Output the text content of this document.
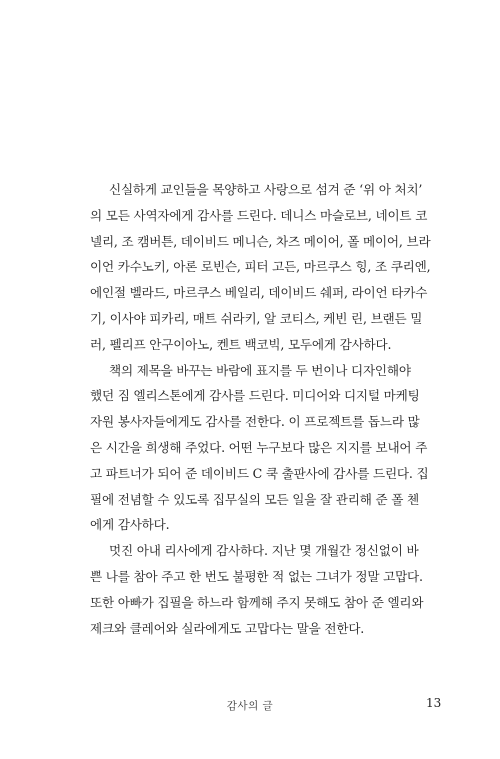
신실하게 교인들을 목양하고 사랑으로 섬겨 준 ‘위 아 처치’
의 모든 사역자에게 감사를 드린다. 데니스 마슬로브, 네이트 코
넬리, 조 캠버튼, 데이비드 메니슨, 차즈 메이어, 폴 메이어, 브라
이언 카수노키, 아론 로빈슨, 피터 고든, 마르쿠스 힝, 조 쿠리엔,
에인절 벨라드, 마르쿠스 베일리, 데이비드 쉐퍼, 라이언 타카수
기, 이사야 피카리, 매트 쉬라키, 알 코티스, 케빈 린, 브랜든 밀
러, 펠리프 안구이아노, 켄트 백코빅, 모두에게 감사하다.
책의 제목을 바꾸는 바람에 표지를 두 번이나 디자인해야
했던 짐 엘리스톤에게 감사를 드린다. 미디어와 디지털 마케팅
자원 봉사자들에게도 감사를 전한다. 이 프로젝트를 돕느라 많
은 시간을 희생해 주었다. 어떤 누구보다 많은 지지를 보내어 주
고 파트너가 되어 준 데이비드 C 쿡 출판사에 감사를 드린다. 집
필에 전념할 수 있도록 집무실의 모든 일을 잘 관리해 준 폴 첸
에게 감사하다.
멋진 아내 리사에게 감사하다. 지난 몇 개월간 정신없이 바
쁜 나를 참아 주고 한 번도 불평한 적 없는 그녀가 정말 고맙다.
또한 아빠가 집필을 하느라 함께해 주지 못해도 참아 준 엘리와
제크와 클레어와 실라에게도 고맙다는 말을 전한다.
감사의 글	13
